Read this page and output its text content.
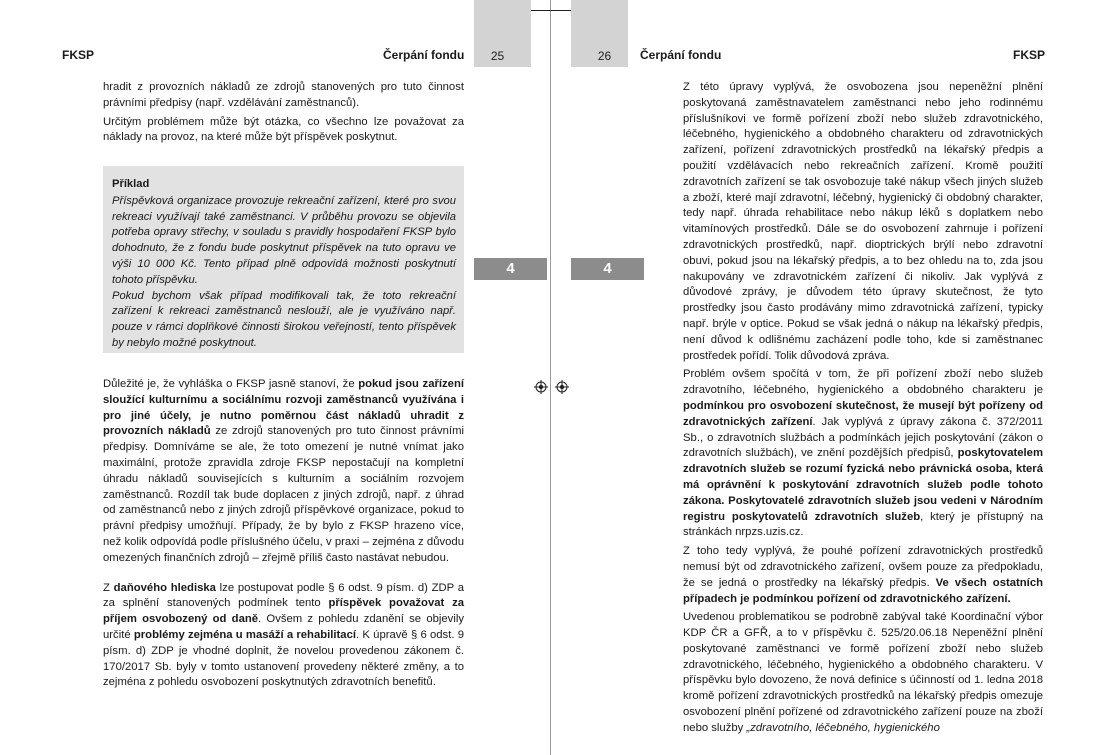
FKSP	Čerpání fondu	25
4

hradit z provozních nákladů ze zdrojů stanovených pro tuto činnost právními předpisy (např. vzdělávání zaměstnanců).

Určitým problémem může být otázka, co všechno lze považovat za náklady na provoz, na které může být příspěvek poskytnut.

Příklad

Příspěvková organizace provozuje rekreační zařízení, které pro svou rekreaci využívají také zaměstnanci. V průběhu provozu se objevila potřeba opravy střechy, v souladu s pravidly hospodaření FKSP bylo dohodnuto, že z fondu bude poskytnut příspěvek na tuto opravu ve výši 10 000 Kč. Tento případ plně odpovídá možnosti poskytnutí tohoto příspěvku.

Pokud bychom však případ modifikovali tak, že toto rekreační zařízení k rekreaci zaměstnanců neslouží, ale je využíváno např. pouze v rámci doplňkové činnosti širokou veřejností, tento příspěvek by nebylo možné poskytnout.

Důležité je, že vyhláška o FKSP jasně stanoví, že pokud jsou zařízení sloužící kulturnímu a sociálnímu rozvoji zaměstnanců využívána i pro jiné účely, je nutno poměrnou část nákladů uhradit z provozních nákladů ze zdrojů stanovených pro tuto činnost právními předpisy. Domníváme se ale, že toto omezení je nutné vnímat jako maximální, protože zpravidla zdroje FKSP nepostačují na kompletní úhradu nákladů souvisejících s kulturním a sociálním rozvojem zaměstnanců. Rozdíl tak bude doplacen z jiných zdrojů, např. z úhrad od zaměstnanců nebo z jiných zdrojů příspěvkové organizace, pokud to právní předpisy umožňují. Případy, že by bylo z FKSP hrazeno více, než kolik odpovídá podle příslušného účelu, v praxi – zejména z důvodu omezených finančních zdrojů – zřejmě příliš často nastávat nebudou.

Z daňového hlediska lze postupovat podle § 6 odst. 9 písm. d) ZDP a za splnění stanovených podmínek tento příspěvek považovat za příjem osvobozený od daně. Ovšem z pohledu zdanění se objevily určité problémy zejména u masáží a rehabilitací. K úpravě § 6 odst. 9 písm. d) ZDP je vhodné doplnit, že novelou provedenou zákonem č. 170/2017 Sb. byly v tomto ustanovení provedeny některé změny, a to zejména z pohledu osvobození poskytnutých zdravotních benefitů.

26
4
Čerpání fondu	FKSP

Z této úpravy vyplývá, že osvobozena jsou nepeněžní plnění poskytovaná zaměstnavatelem zaměstnanci nebo jeho rodinnému příslušníkovi ve formě pořízení zboží nebo služeb zdravotnického, léčebného, hygienického a obdobného charakteru od zdravotnických zařízení, pořízení zdravotnických prostředků na lékařský předpis a použití vzdělávacích nebo rekreačních zařízení. Kromě použití zdravotních zařízení se tak osvobozuje také nákup všech jiných služeb a zboží, které mají zdravotní, léčebný, hygienický či obdobný charakter, tedy např. úhrada rehabilitace nebo nákup léků s doplatkem nebo vitamínových prostředků. Dále se do osvobození zahrnuje i pořízení zdravotnických prostředků, např. dioptrických brýlí nebo zdravotní obuvi, pokud jsou na lékařský předpis, a to bez ohledu na to, zda jsou nakupovány ve zdravotnickém zařízení či nikoliv. Jak vyplývá z důvodové zprávy, je důvodem této úpravy skutečnost, že tyto prostředky jsou často prodávány mimo zdravotnická zařízení, typicky např. brýle v optice. Pokud se však jedná o nákup na lékařský předpis, není důvod k odlišnému zacházení podle toho, kde si zaměstnanec prostředek pořídí. Tolik důvodová zpráva.

Problém ovšem spočítá v tom, že při pořízení zboží nebo služeb zdravotního, léčebného, hygienického a obdobného charakteru je podmínkou pro osvobození skutečnost, že musejí být pořízeny od zdravotnických zařízení. Jak vyplývá z úpravy zákona č. 372/2011 Sb., o zdravotních službách a podmínkách jejich poskytování (zákon o zdravotních službách), ve znění pozdějších předpisů, poskytovatelem zdravotních služeb se rozumí fyzická nebo právnická osoba, která má oprávnění k poskytování zdravotních služeb podle tohoto zákona. Poskytovatelé zdravotních služeb jsou vedeni v Národním registru poskytovatelů zdravotních služeb, který je přístupný na stránkách nrpzs.uzis.cz.

Z toho tedy vyplývá, že pouhé pořízení zdravotnických prostředků nemusí být od zdravotnického zařízení, ovšem pouze za předpokladu, že se jedná o prostředky na lékařský předpis. Ve všech ostatních případech je podmínkou pořízení od zdravotnického zařízení.

Uvedenou problematikou se podrobně zabýval také Koordinační výbor KDP ČR a GFŘ, a to v příspěvku č. 525/20.06.18 Nepeněžní plnění poskytované zaměstnanci ve formě pořízení zboží nebo služeb zdravotnického, léčebného, hygienického a obdobného charakteru. V příspěvku bylo dovozeno, že nová definice s účinností od 1. ledna 2018 kromě pořízení zdravotnických prostředků na lékařský předpis omezuje osvobození plnění pořízené od zdravotnického zařízení pouze na zboží nebo služby „zdravotního, léčebného, hygienického
